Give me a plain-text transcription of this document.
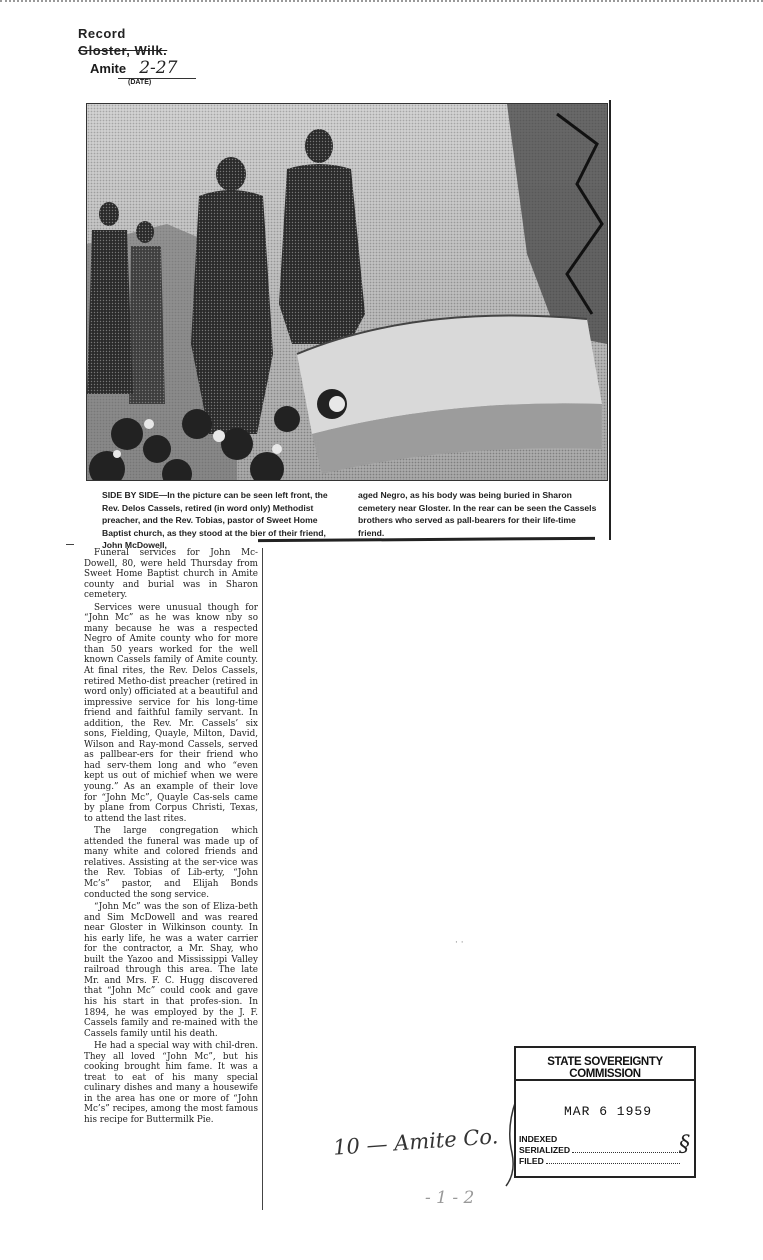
Record
Gloster, Wilk.
Amite 2-27
(DATE)
SIDE BY SIDE—In the picture can be seen left front, the Rev. Delos Cassels, retired (in word only) Methodist preacher, and the Rev. Tobias, pastor of Sweet Home Baptist church, as they stood at the bier of their friend, John McDowell,
aged Negro, as his body was being buried in Sharon cemetery near Gloster. In the rear can be seen the Cassels brothers who served as pall-bearers for their life-time friend.

Funeral services for John Mc-Dowell, 80, were held Thursday from Sweet Home Baptist church in Amite county and burial was in Sharon cemetery.

Services were unusual though for “John Mc” as he was know nby so many because he was a respected Negro of Amite county who for more than 50 years worked for the well known Cassels family of Amite county. At final rites, the Rev. Delos Cassels, retired Metho-dist preacher (retired in word only) officiated at a beautiful and impressive service for his long-time friend and faithful family servant. In addition, the Rev. Mr. Cassels’ six sons, Fielding, Quayle, Milton, David, Wilson and Ray-mond Cassels, served as pallbear-ers for their friend who had serv-them long and who “even kept us out of michief when we were young.” As an example of their love for “John Mc”, Quayle Cas-sels came by plane from Corpus Christi, Texas, to attend the last rites.

The large congregation which attended the funeral was made up of many white and colored friends and relatives. Assisting at the ser-vice was the Rev. Tobias of Lib-erty, “John Mc’s” pastor, and Elijah Bonds conducted the song service.

“John Mc” was the son of Eliza-beth and Sim McDowell and was reared near Gloster in Wilkinson county. In his early life, he was a water carrier for the contractor, a Mr. Shay, who built the Yazoo and Mississippi Valley railroad through this area. The late Mr. and Mrs. F. C. Hugg discovered that “John Mc” could cook and gave his his start in that profes-sion. In 1894, he was employed by the J. F. Cassels family and re-mained with the Cassels family until his death.

He had a special way with chil-dren. They all loved “John Mc”, but his cooking brought him fame. It was a treat to eat of his many special culinary dishes and many a housewife in the area has one or more of “John Mc’s” recipes, among the most famous his recipe for Buttermilk Pie.

· ·
10 — Amite Co.
- 1 - 2
STATE SOVEREIGNTY COMMISSION
MAR 6 1959
INDEXED
SERIALIZED
FILED
§
